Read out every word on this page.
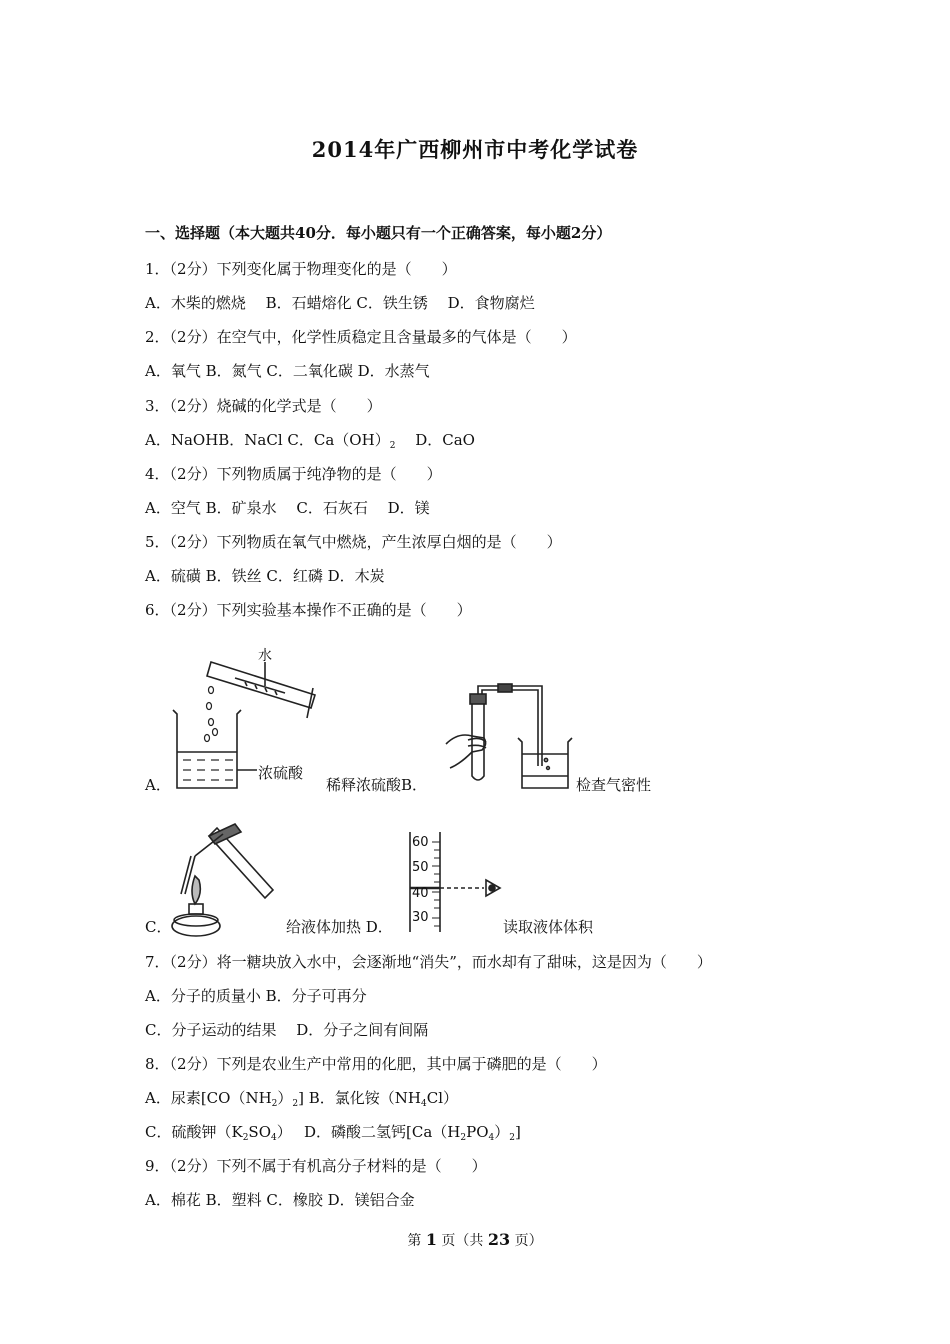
2014年广西柳州市中考化学试卷
一、选择题（本大题共40分．每小题只有一个正确答案，每小题2分）
1．（2分）下列变化属于物理变化的是（　　）
A．木柴的燃烧　 B．石蜡熔化 C．铁生锈　 D．食物腐烂
2．（2分）在空气中，化学性质稳定且含量最多的气体是（　　）
A．氧气 B．氮气 C．二氧化碳 D．水蒸气
3．（2分）烧碱的化学式是（　　）
A．NaOHB．NaCl C．$Ca(OH)_2$　 D．CaO
4．（2分）下列物质属于纯净物的是（　　）
A．空气 B．矿泉水　 C．石灰石　 D．镁
5．（2分）下列物质在氧气中燃烧，产生浓厚白烟的是（　　）
A．硫磺 B．铁丝 C．红磷 D．木炭
6．（2分）下列实验基本操作不正确的是（　　）
A．
水
浓硫酸
稀释浓硫酸B．	检查气密性
C．	给液体加热 D．
60
50
40
30
读取液体体积
7．（2分）将一糖块放入水中，会逐渐地“消失”，而水却有了甜味，这是因为（　　）
A．分子的质量小 B．分子可再分
C．分子运动的结果　 D．分子之间有间隔
8．（2分）下列是农业生产中常用的化肥，其中属于磷肥的是（　　）
A．尿素$[CO(NH_2)_2]$ B．氯化铵$(NH_4Cl)$
C．硫酸钾$(K_2SO_4)$　 D．磷酸二氢钙$[Ca(H_2PO_4)_2]$
9．（2分）下列不属于有机高分子材料的是（　　）
A．棉花 B．塑料 C．橡胶 D．镁铝合金
第 1 页（共 23 页）
